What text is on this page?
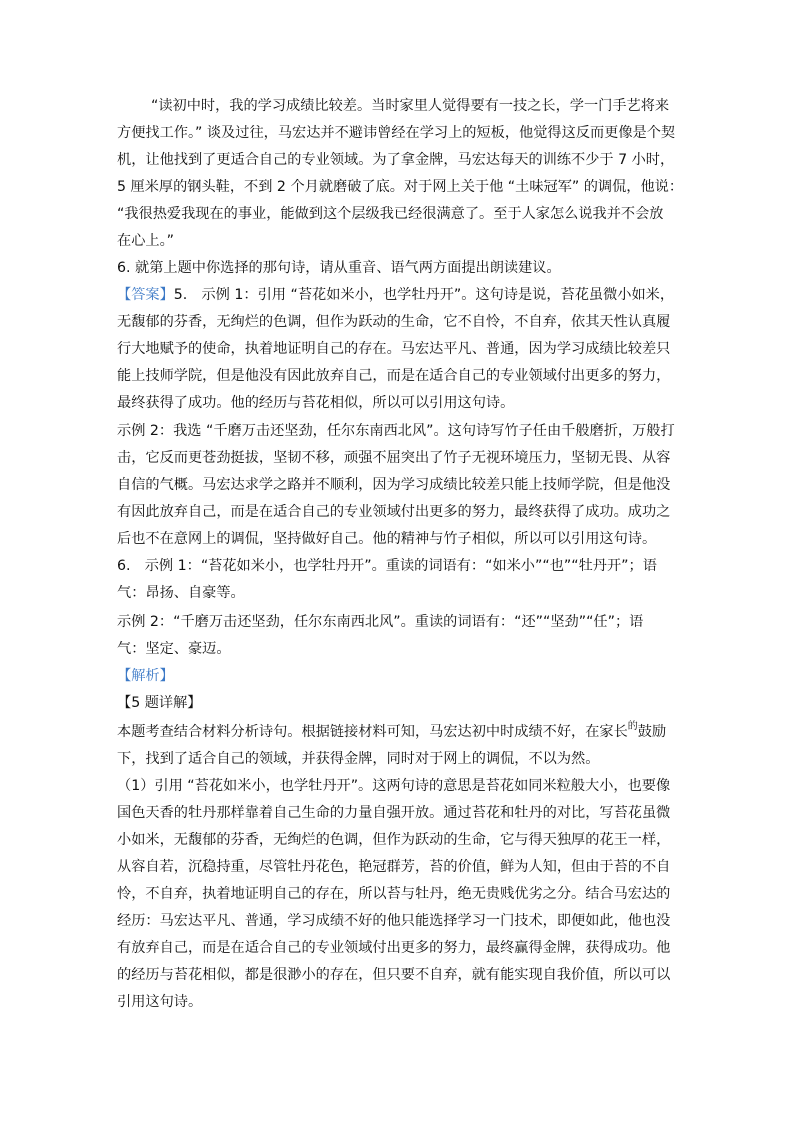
“读初中时，我的学习成绩比较差。当时家里人觉得要有一技之长，学一门手艺将来
方便找工作。” 谈及过往，马宏达并不避讳曾经在学习上的短板，他觉得这反而更像是个契
机，让他找到了更适合自己的专业领域。为了拿金牌，马宏达每天的训练不少于 7 小时，
5 厘米厚的钢头鞋，不到 2 个月就磨破了底。对于网上关于他 “土味冠军” 的调侃，他说：
“我很热爱我现在的事业，能做到这个层级我已经很满意了。至于人家怎么说我并不会放
在心上。”
6. 就第上题中你选择的那句诗，请从重音、语气两方面提出朗读建议。
【答案】5.　示例 1：引用 “苔花如米小，也学牡丹开”。这句诗是说，苔花虽微小如米，
无馥郁的芬香，无绚烂的色调，但作为跃动的生命，它不自怜，不自弃，依其天性认真履
行大地赋予的使命，执着地证明自己的存在。马宏达平凡、普通，因为学习成绩比较差只
能上技师学院，但是他没有因此放弃自己，而是在适合自己的专业领域付出更多的努力，
最终获得了成功。他的经历与苔花相似，所以可以引用这句诗。
示例 2：我选 “千磨万击还坚劲，任尔东南西北风”。这句诗写竹子任由千般磨折，万般打
击，它反而更苍劲挺拔，坚韧不移，顽强不屈突出了竹子无视环境压力，坚韧无畏、从容
自信的气概。马宏达求学之路并不顺利，因为学习成绩比较差只能上技师学院，但是他没
有因此放弃自己，而是在适合自己的专业领域付出更多的努力，最终获得了成功。成功之
后也不在意网上的调侃，坚持做好自己。他的精神与竹子相似，所以可以引用这句诗。
6.　示例 1：“苔花如米小，也学牡丹开”。重读的词语有：“如米小”“也”“牡丹开”；语
气：昂扬、自豪等。
示例 2：“千磨万击还坚劲，任尔东南西北风”。重读的词语有：“还”“坚劲”“任”；语
气：坚定、豪迈。
【解析】
【5 题详解】
本题考查结合材料分析诗句。根据链接材料可知，马宏达初中时成绩不好，在家长$^的$鼓励
下，找到了适合自己的领域，并获得金牌，同时对于网上的调侃，不以为然。
（1）引用 “苔花如米小，也学牡丹开”。这两句诗的意思是苔花如同米粒般大小，也要像
国色天香的牡丹那样靠着自己生命的力量自强开放。通过苔花和牡丹的对比，写苔花虽微
小如米，无馥郁的芬香，无绚烂的色调，但作为跃动的生命，它与得天独厚的花王一样，
从容自若，沉稳持重，尽管牡丹花色，艳冠群芳，苔的价值，鲜为人知，但由于苔的不自
怜，不自弃，执着地证明自己的存在，所以苔与牡丹，绝无贵贱优劣之分。结合马宏达的
经历：马宏达平凡、普通，学习成绩不好的他只能选择学习一门技术，即便如此，他也没
有放弃自己，而是在适合自己的专业领域付出更多的努力，最终赢得金牌，获得成功。他
的经历与苔花相似，都是很渺小的存在，但只要不自弃，就有能实现自我价值，所以可以
引用这句诗。
